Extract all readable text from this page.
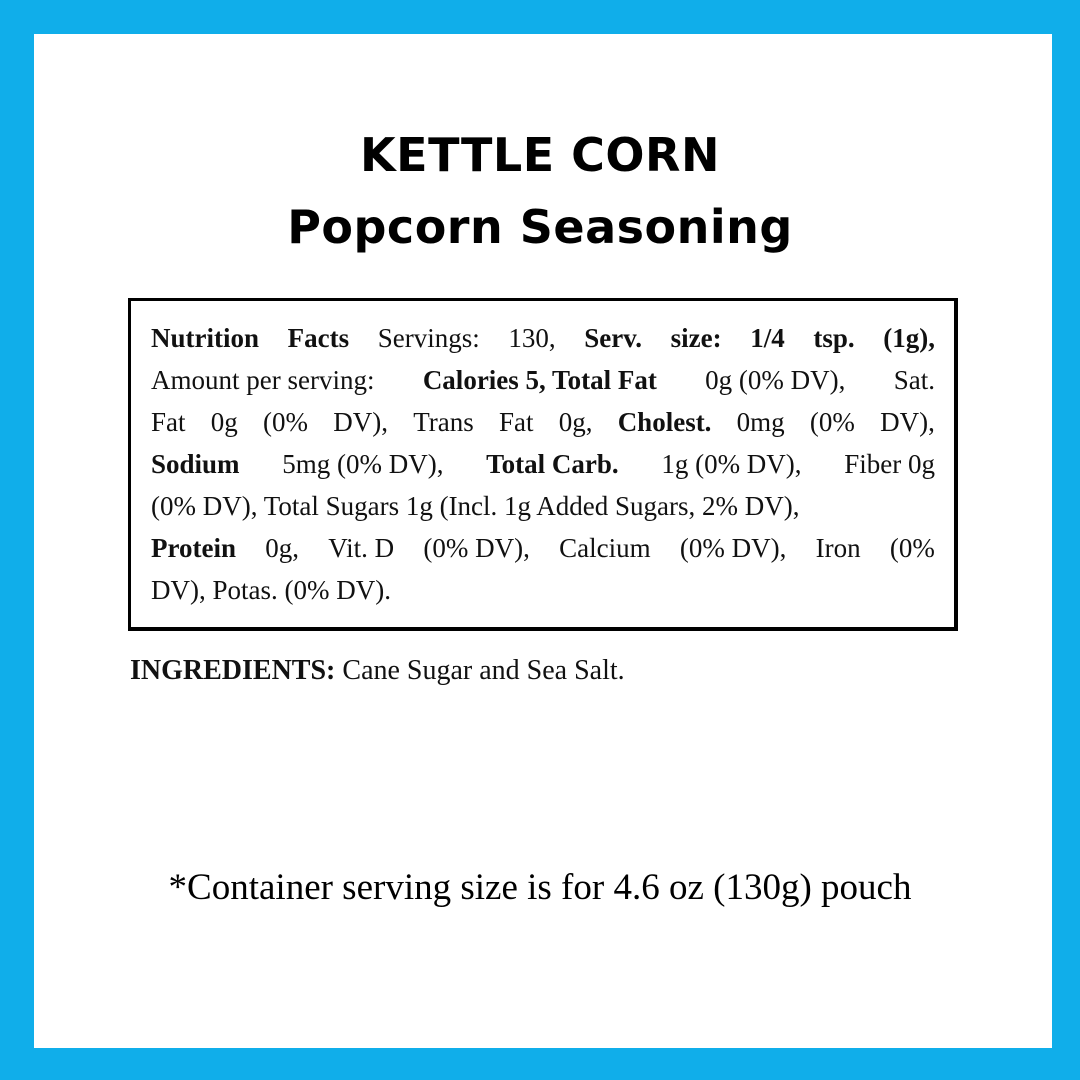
KETTLE CORN
Popcorn Seasoning
Nutrition Facts Servings: 130, Serv. size: 1/4 tsp. (1g),
Amount per serving: Calories 5, Total Fat 0g (0% DV), Sat.
Fat 0g (0% DV), Trans Fat 0g, Cholest. 0mg (0% DV),
Sodium 5mg (0% DV), Total Carb. 1g (0% DV), Fiber 0g
(0% DV), Total Sugars 1g (Incl. 1g Added Sugars, 2% DV),
Protein 0g, Vit. D (0% DV), Calcium (0% DV), Iron (0%
DV), Potas. (0% DV).
INGREDIENTS: Cane Sugar and Sea Salt.
*Container serving size is for 4.6 oz (130g) pouch
